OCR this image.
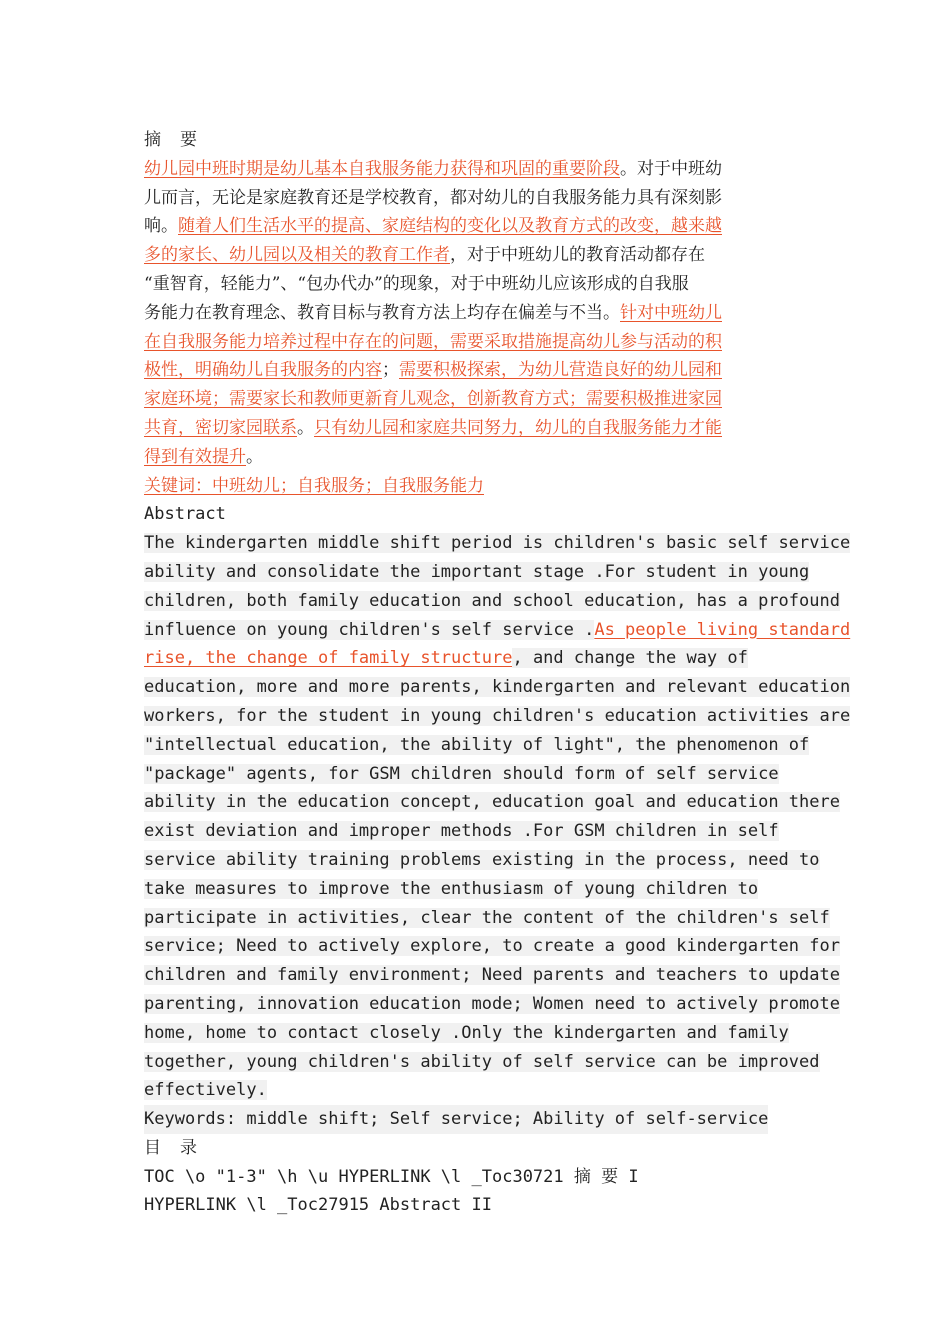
摘 要
幼儿园中班时期是幼儿基本自我服务能力获得和巩固的重要阶段。对于中班幼
儿而言，无论是家庭教育还是学校教育，都对幼儿的自我服务能力具有深刻影
响。随着人们生活水平的提高、家庭结构的变化以及教育方式的改变，越来越
多的家长、幼儿园以及相关的教育工作者，对于中班幼儿的教育活动都存在
“重智育，轻能力”、“包办代办”的现象，对于中班幼儿应该形成的自我服
务能力在教育理念、教育目标与教育方法上均存在偏差与不当。针对中班幼儿
在自我服务能力培养过程中存在的问题，需要采取措施提高幼儿参与活动的积
极性，明确幼儿自我服务的内容；需要积极探索，为幼儿营造良好的幼儿园和
家庭环境；需要家长和教师更新育儿观念，创新教育方式；需要积极推进家园
共育，密切家园联系。只有幼儿园和家庭共同努力，幼儿的自我服务能力才能
得到有效提升。
关键词：中班幼儿；自我服务；自我服务能力
Abstract
The kindergarten middle shift period is children's basic self service
ability and consolidate the important stage .For student in young
children, both family education and school education, has a profound
influence on young children's self service .As people living standard
rise, the change of family structure, and change the way of
education, more and more parents, kindergarten and relevant education
workers, for the student in young children's education activities are
"intellectual education, the ability of light", the phenomenon of
"package" agents, for GSM children should form of self service
ability in the education concept, education goal and education there
exist deviation and improper methods .For GSM children in self
service ability training problems existing in the process, need to
take measures to improve the enthusiasm of young children to
participate in activities, clear the content of the children's self
service; Need to actively explore, to create a good kindergarten for
children and family environment; Need parents and teachers to update
parenting, innovation education mode; Women need to actively promote
home, home to contact closely .Only the kindergarten and family
together, young children's ability of self service can be improved
effectively.
Keywords: middle shift; Self service; Ability of self-service
目 录
TOC \o "1-3" \h \u HYPERLINK \l _Toc30721 摘 要 I
HYPERLINK \l _Toc27915 Abstract II
